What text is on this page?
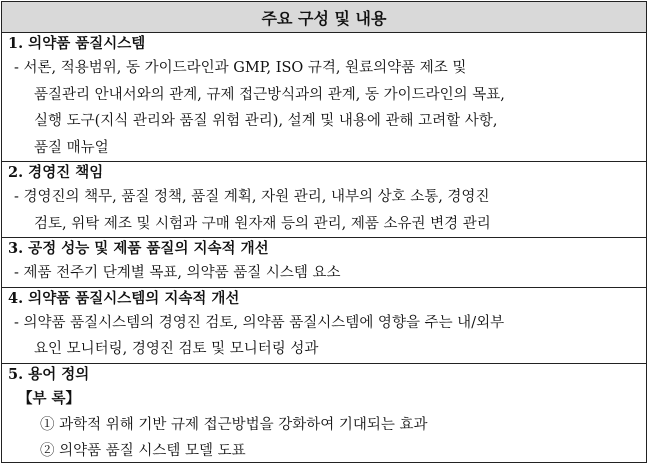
주요 구성 및 내용
1. 의약품 품질시스템
- 서론, 적용범위, 동 가이드라인과 GMP, ISO 규격, 원료의약품 제조 및
품질관리 안내서와의 관계, 규제 접근방식과의 관계, 동 가이드라인의 목표,
실행 도구(지식 관리와 품질 위험 관리), 설계 및 내용에 관해 고려할 사항,
품질 매뉴얼
2. 경영진 책임
- 경영진의 책무, 품질 정책, 품질 계획, 자원 관리, 내부의 상호 소통, 경영진
검토, 위탁 제조 및 시험과 구매 원자재 등의 관리, 제품 소유권 변경 관리
3. 공정 성능 및 제품 품질의 지속적 개선
- 제품 전주기 단계별 목표, 의약품 품질 시스템 요소
4. 의약품 품질시스템의 지속적 개선
- 의약품 품질시스템의 경영진 검토, 의약품 품질시스템에 영향을 주는 내/외부
요인 모니터링, 경영진 검토 및 모니터링 성과
5. 용어 정의
【부 록】
① 과학적 위해 기반 규제 접근방법을 강화하여 기대되는 효과
② 의약품 품질 시스템 모델 도표
